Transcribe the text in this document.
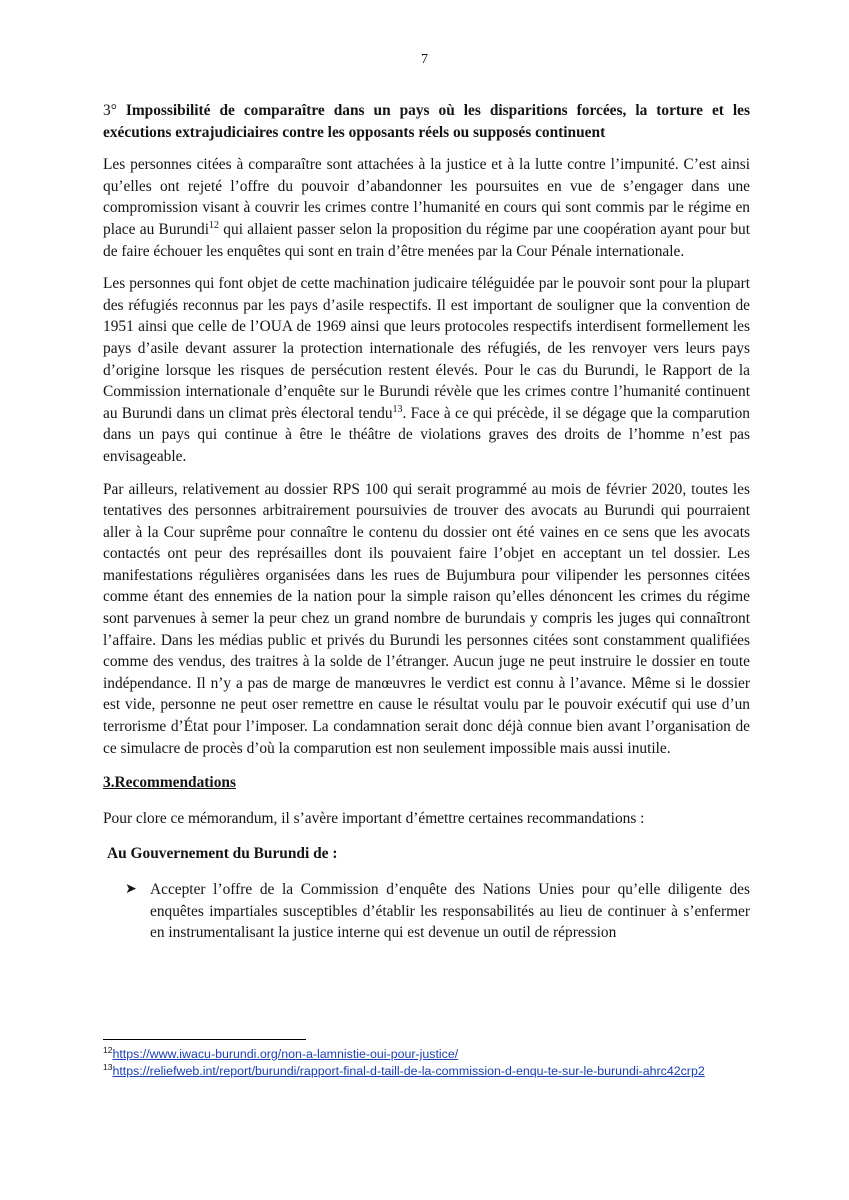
7

3° Impossibilité de comparaître dans un pays où les disparitions forcées, la torture et les exécutions extrajudiciaires contre les opposants réels ou supposés continuent

Les personnes citées à comparaître sont attachées à la justice et à la lutte contre l’impunité. C’est ainsi qu’elles ont rejeté l’offre du pouvoir d’abandonner les poursuites en vue de s’engager dans une compromission visant à couvrir les crimes contre l’humanité en cours qui sont commis par le régime en place au Burundi$^{12}$ qui allaient passer selon la proposition du régime par une coopération ayant pour but de faire échouer les enquêtes qui sont en train d’être menées par la Cour Pénale internationale.

Les personnes qui font objet de cette machination judicaire téléguidée par le pouvoir sont pour la plupart des réfugiés reconnus par les pays d’asile respectifs. Il est important de souligner que la convention de 1951 ainsi que celle de l’OUA de 1969 ainsi que leurs protocoles respectifs interdisent formellement les pays d’asile devant assurer la protection internationale des réfugiés, de les renvoyer vers leurs pays d’origine lorsque les risques de persécution restent élevés. Pour le cas du Burundi, le Rapport de la Commission internationale d’enquête sur le Burundi révèle que les crimes contre l’humanité continuent au Burundi dans un climat près électoral tendu$^{13}$. Face à ce qui précède, il se dégage que la comparution dans un pays qui continue à être le théâtre de violations graves des droits de l’homme n’est pas envisageable.

Par ailleurs, relativement au dossier RPS 100 qui serait programmé au mois de février 2020, toutes les tentatives des personnes arbitrairement poursuivies de trouver des avocats au Burundi qui pourraient aller à la Cour suprême pour connaître le contenu du dossier ont été vaines en ce sens que les avocats contactés ont peur des représailles dont ils pouvaient faire l’objet en acceptant un tel dossier. Les manifestations régulières organisées dans les rues de Bujumbura pour vilipender les personnes citées comme étant des ennemies de la nation pour la simple raison qu’elles dénoncent les crimes du régime sont parvenues à semer la peur chez un grand nombre de burundais y compris les juges qui connaîtront l’affaire. Dans les médias public et privés du Burundi les personnes citées sont constamment qualifiées comme des vendus, des traitres à la solde de l’étranger. Aucun juge ne peut instruire le dossier en toute indépendance. Il n’y a pas de marge de manœuvres le verdict est connu à l’avance. Même si le dossier est vide, personne ne peut oser remettre en cause le résultat voulu par le pouvoir exécutif qui use d’un terrorisme d’État pour l’imposer. La condamnation serait donc déjà connue bien avant l’organisation de ce simulacre de procès d’où la comparution est non seulement impossible mais aussi inutile.

3.Recommendations

Pour clore ce mémorandum, il s’avère important d’émettre certaines recommandations :

Au Gouvernement du Burundi de :

➤ Accepter l’offre de la Commission d’enquête des Nations Unies pour qu’elle diligente des enquêtes impartiales susceptibles d’établir les responsabilités au lieu de continuer à s’enfermer en instrumentalisant la justice interne qui est devenue un outil de répression

$^{12}$https://www.iwacu-burundi.org/non-a-lamnistie-oui-pour-justice/

$^{13}$https://reliefweb.int/report/burundi/rapport-final-d-taill-de-la-commission-d-enqu-te-sur-le-burundi-ahrc42crp2
